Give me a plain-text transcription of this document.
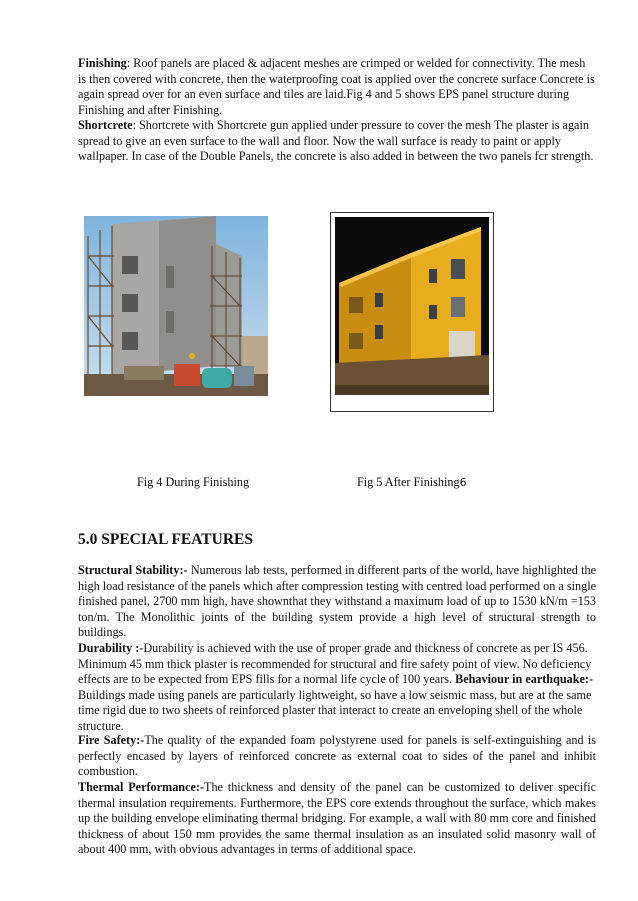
Finishing: Roof panels are placed & adjacent meshes are crimped or welded for connectivity. The mesh is then covered with concrete, then the waterproofing coat is applied over the concrete surface Concrete is again spread over for an even surface and tiles are laid.Fig 4 and 5 shows EPS panel structure during Finishing and after Finishing.

Shortcrete: Shortcrete with Shortcrete gun applied under pressure to cover the mesh The plaster is again spread to give an even surface to the wall and floor. Now the wall surface is ready to paint or apply wallpaper. In case of the Double Panels, the concrete is also added in between the two panels fcr strength.

Fig 4 During Finishing	Fig 5 After Finishing6

5.0 SPECIAL FEATURES

Structural Stability:- Numerous lab tests, performed in different parts of the world, have highlighted the high load resistance of the panels which after compression testing with centred load performed on a single finished panel, 2700 mm high, have shownthat they withstand a maximum load of up to 1530 kN/m =153 ton/m. The Monolithic joints of the building system provide a high level of structural strength to buildings.

Durability :-Durability is achieved with the use of proper grade and thickness of concrete as per IS 456. Minimum 45 mm thick plaster is recommended for structural and fire safety point of view. No deficiency effects are to be expected from EPS fills for a normal life cycle of 100 years. Behaviour in earthquake:-Buildings made using panels are particularly lightweight, so have a low seismic mass, but are at the same time rigid due to two sheets of reinforced plaster that interact to create an enveloping shell of the whole structure.

Fire Safety:-The quality of the expanded foam polystyrene used for panels is self-extinguishing and is perfectly encased by layers of reinforced concrete as external coat to sides of the panel and inhibit combustion.

Thermal Performance:-The thickness and density of the panel can be customized to deliver specific thermal insulation requirements. Furthermore, the EPS core extends throughout the surface, which makes up the building envelope eliminating thermal bridging. For example, a wall with 80 mm core and finished thickness of about 150 mm provides the same thermal insulation as an insulated solid masonry wall of about 400 mm, with obvious advantages in terms of additional space.
